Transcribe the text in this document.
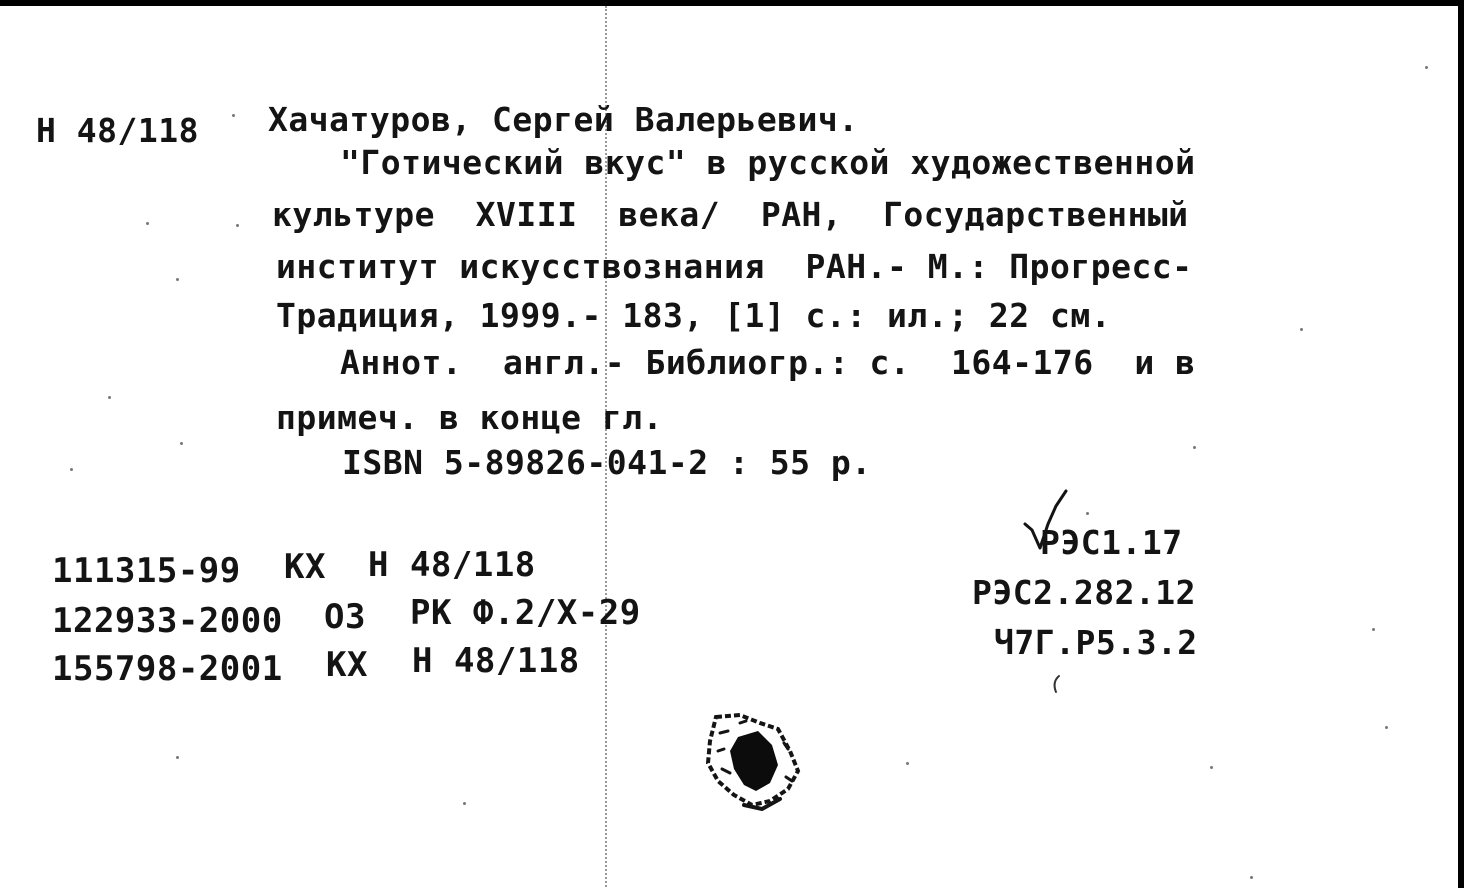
Н 48/118 Хачатуров, Сергей Валерьевич.
"Готический вкус" в русской художественной
культуре  XVIII  века/  РАН,  Государственный
институт искусствознания  РАН.- М.: Прогресс-
Традиция, 1999.- 183, [1] с.: ил.; 22 см.
Аннот.  англ.- Библиогр.: с.  164-176  и в
примеч. в конце гл.
ISBN 5-89826-041-2 : 55 р.
111315-99 КХ Н 48/118
122933-2000 ОЗ РК Ф.2/Х-29
155798-2001 КХ Н 48/118
РЭС1.17
РЭС2.282.12
Ч7Г.Р5.3.2
